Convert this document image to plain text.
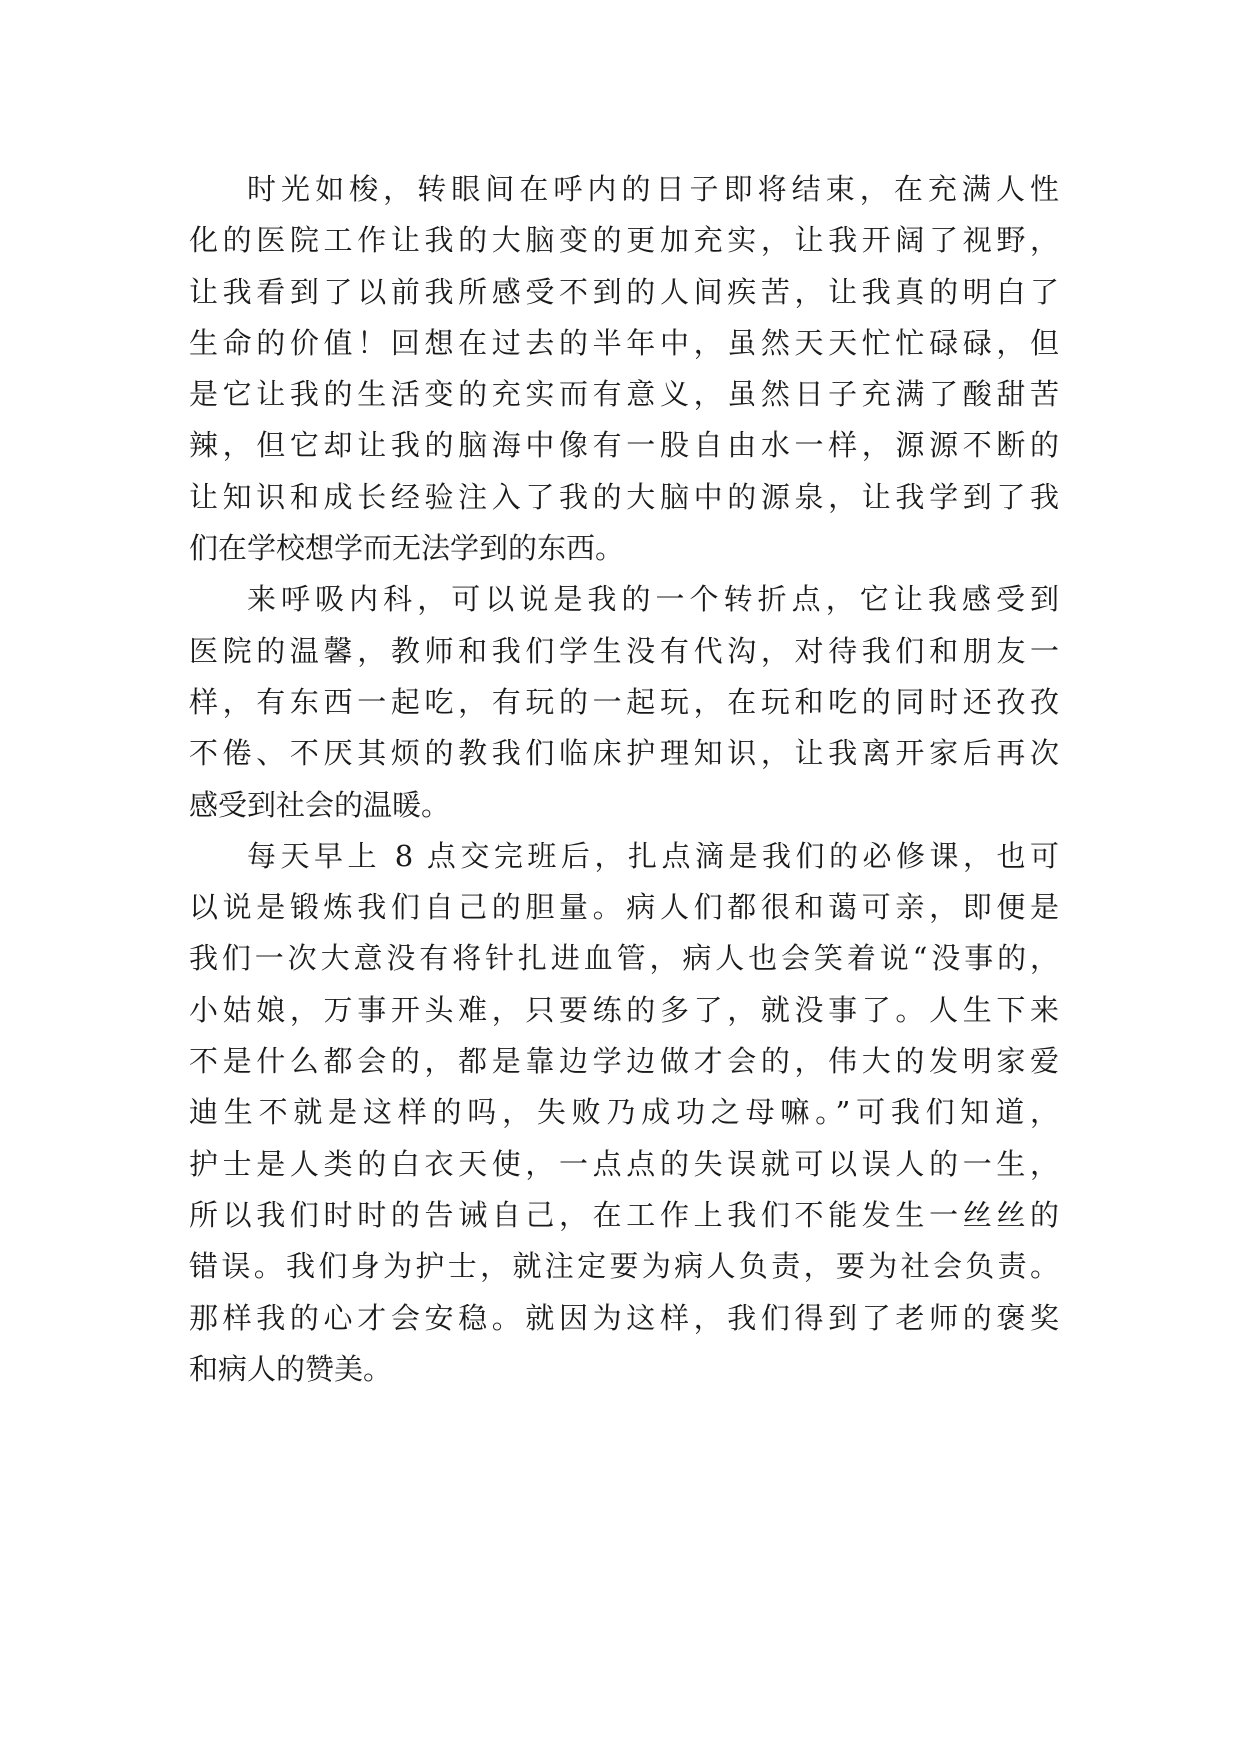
时光如梭，转眼间在呼内的日子即将结束，在充满人性
化的医院工作让我的大脑变的更加充实，让我开阔了视野，
让我看到了以前我所感受不到的人间疾苦，让我真的明白了
生命的价值！回想在过去的半年中，虽然天天忙忙碌碌，但
是它让我的生活变的充实而有意义，虽然日子充满了酸甜苦
辣，但它却让我的脑海中像有一股自由水一样，源源不断的
让知识和成长经验注入了我的大脑中的源泉，让我学到了我
们在学校想学而无法学到的东西。
来呼吸内科，可以说是我的一个转折点，它让我感受到
医院的温馨，教师和我们学生没有代沟，对待我们和朋友一
样，有东西一起吃，有玩的一起玩，在玩和吃的同时还孜孜
不倦、不厌其烦的教我们临床护理知识，让我离开家后再次
感受到社会的温暖。
每天早上 8 点交完班后，扎点滴是我们的必修课，也可
以说是锻炼我们自己的胆量。病人们都很和蔼可亲，即便是
我们一次大意没有将针扎进血管，病人也会笑着说“没事的，
小姑娘，万事开头难，只要练的多了，就没事了。人生下来
不是什么都会的，都是靠边学边做才会的，伟大的发明家爱
迪生不就是这样的吗，失败乃成功之母嘛。”可我们知道，
护士是人类的白衣天使，一点点的失误就可以误人的一生，
所以我们时时的告诫自己，在工作上我们不能发生一丝丝的
错误。我们身为护士，就注定要为病人负责，要为社会负责。
那样我的心才会安稳。就因为这样，我们得到了老师的褒奖
和病人的赞美。
